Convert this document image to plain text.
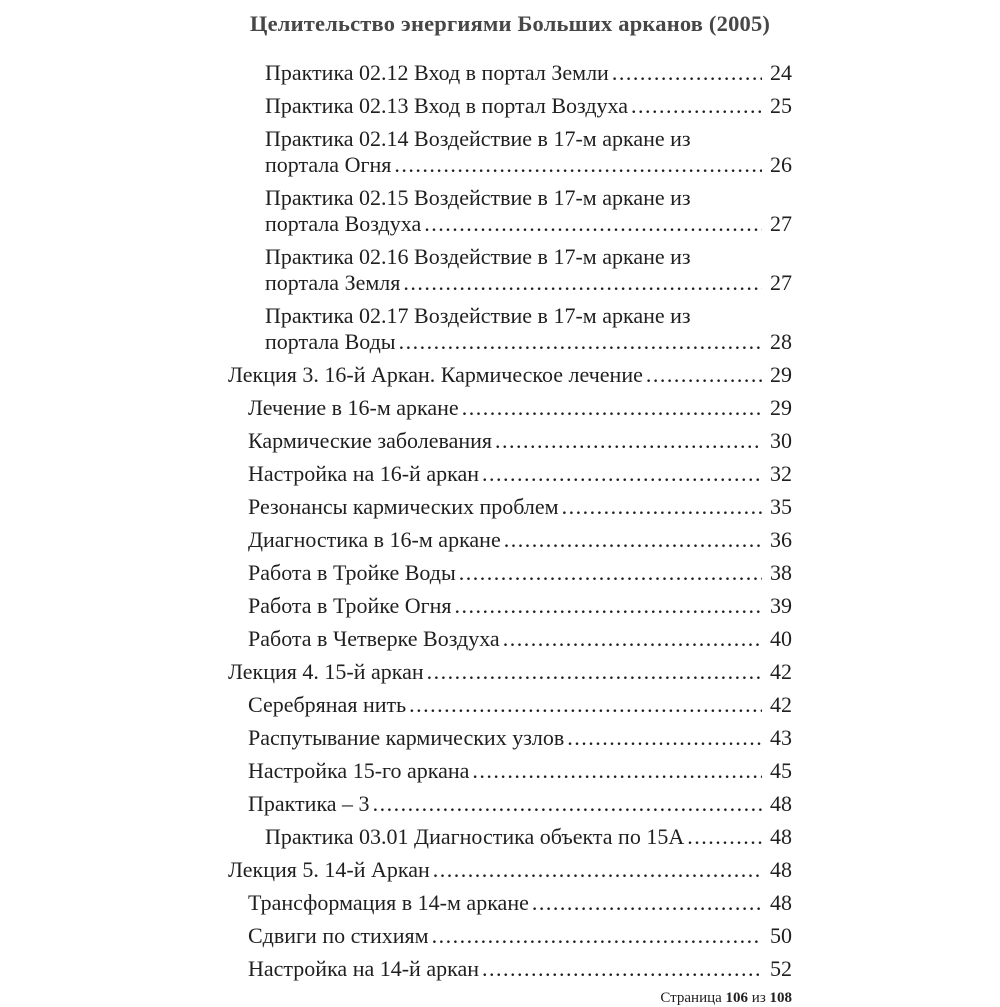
Целительство энергиями Больших арканов (2005)
Практика 02.12 Вход в портал Земли .....	24
Практика 02.13 Вход в портал Воздуха .....	25
Практика 02.14 Воздействие в 17-м аркане из
портала Огня .....	26
Практика 02.15 Воздействие в 17-м аркане из
портала Воздуха .....	27
Практика 02.16 Воздействие в 17-м аркане из
портала Земля .....	27
Практика 02.17 Воздействие в 17-м аркане из
портала Воды .....	28
Лекция 3. 16-й Аркан. Кармическое лечение .....	29
Лечение в 16-м аркане .....	29
Кармические заболевания .....	30
Настройка на 16-й аркан .....	32
Резонансы кармических проблем .....	35
Диагностика в 16-м аркане .....	36
Работа в Тройке Воды .....	38
Работа в Тройке Огня .....	39
Работа в Четверке Воздуха .....	40
Лекция 4. 15-й аркан .....	42
Серебряная нить .....	42
Распутывание кармических узлов .....	43
Настройка 15-го аркана .....	45
Практика – 3 .....	48
Практика 03.01 Диагностика объекта по 15А .....	48
Лекция 5. 14-й Аркан .....	48
Трансформация в 14-м аркане .....	48
Сдвиги по стихиям .....	50
Настройка на 14-й аркан .....	52
Страница 106 из 108
